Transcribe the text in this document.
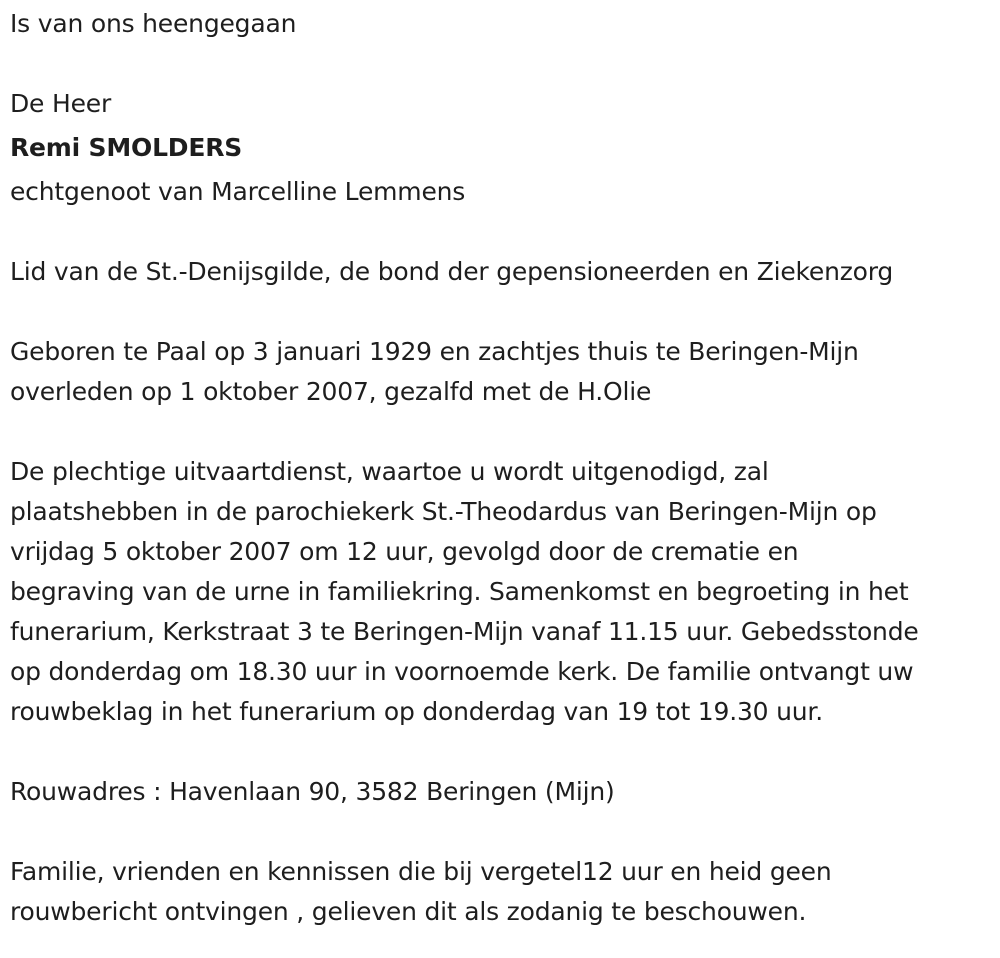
Is van ons heengegaan
De Heer
Remi SMOLDERS
echtgenoot van Marcelline Lemmens
Lid van de St.-Denijsgilde, de bond der gepensioneerden en Ziekenzorg
Geboren te Paal op 3 januari 1929 en zachtjes thuis te Beringen-Mijn
overleden op 1 oktober 2007, gezalfd met de H.Olie
De plechtige uitvaartdienst, waartoe u wordt uitgenodigd, zal
plaatshebben in de parochiekerk St.-Theodardus van Beringen-Mijn op
vrijdag 5 oktober 2007 om 12 uur, gevolgd door de crematie en
begraving van de urne in familiekring. Samenkomst en begroeting in het
funerarium, Kerkstraat 3 te Beringen-Mijn vanaf 11.15 uur. Gebedsstonde
op donderdag om 18.30 uur in voornoemde kerk. De familie ontvangt uw
rouwbeklag in het funerarium op donderdag van 19 tot 19.30 uur.
Rouwadres : Havenlaan 90, 3582 Beringen (Mijn)
Familie, vrienden en kennissen die bij vergetel12 uur en heid geen
rouwbericht ontvingen , gelieven dit als zodanig te beschouwen.
